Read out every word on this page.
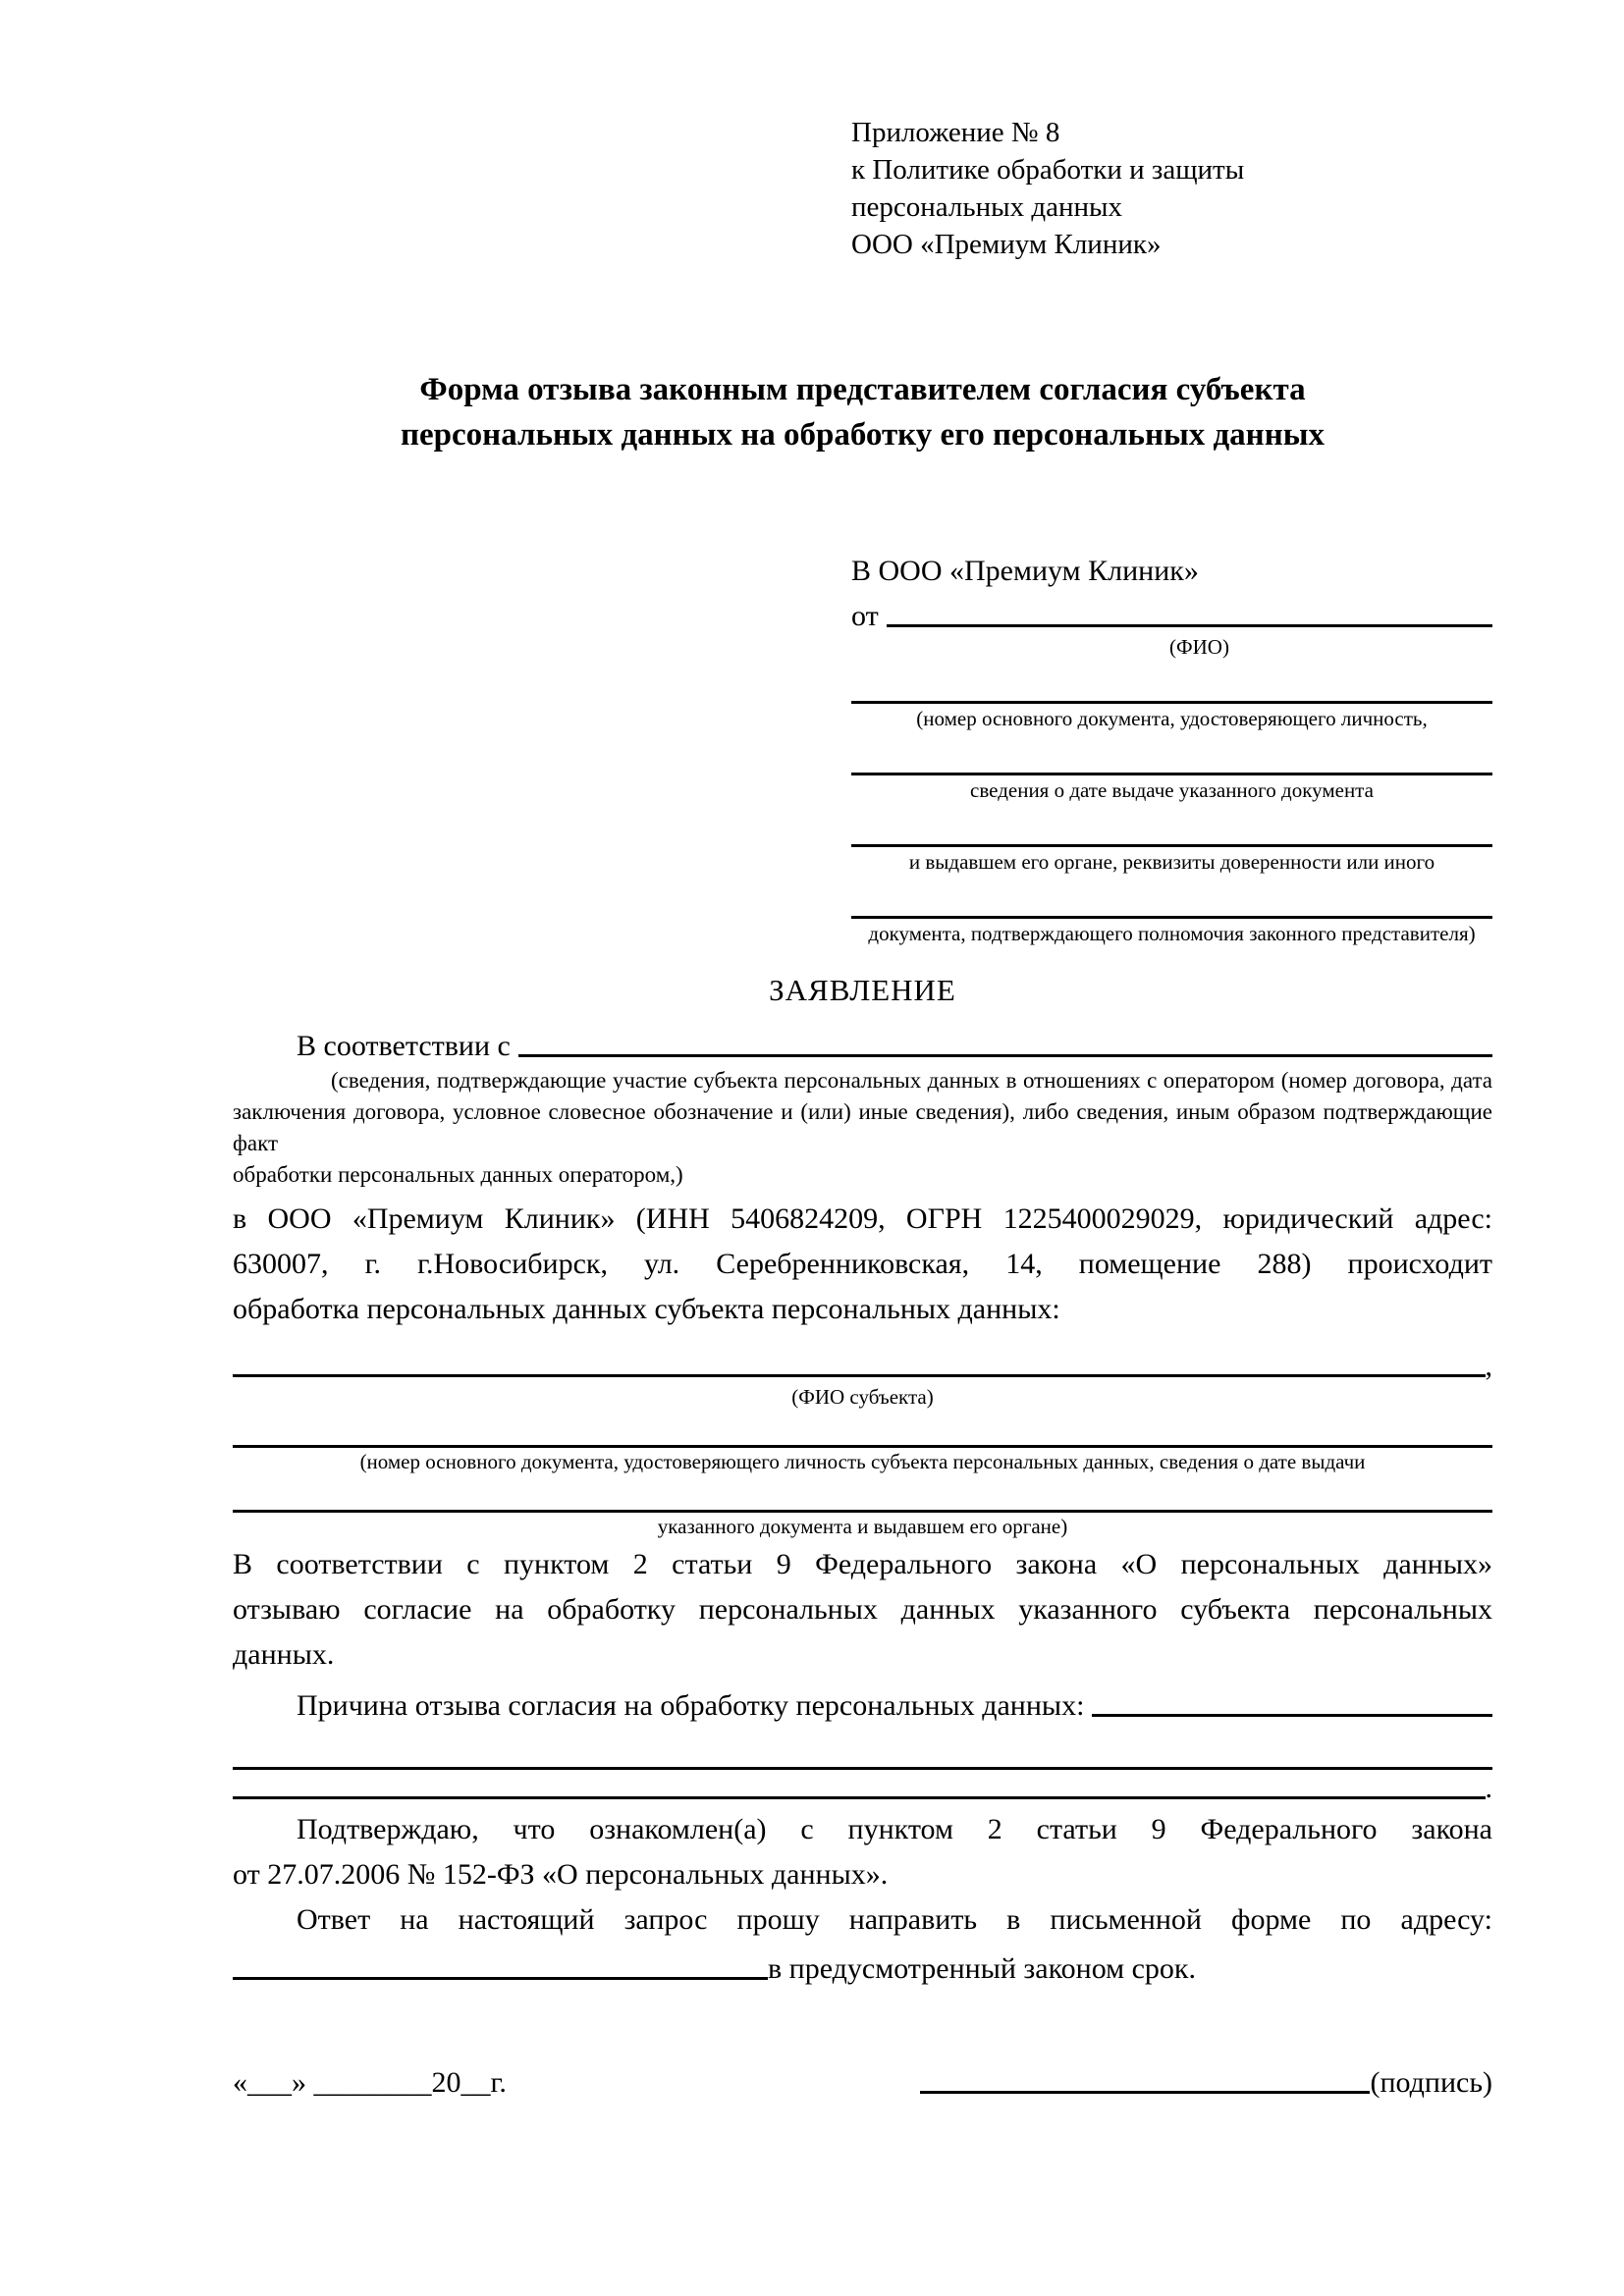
Приложение № 8
к Политике обработки и защиты
персональных данных
ООО «Премиум Клиник»
Форма отзыва законным представителем согласия субъекта
персональных данных на обработку его персональных данных
В ООО «Премиум Клиник»
от
(ФИО)
(номер основного документа, удостоверяющего личность,
сведения о дате выдаче указанного документа
и выдавшем его органе, реквизиты доверенности или иного
документа, подтверждающего полномочия законного представителя)
ЗАЯВЛЕНИЕ
В соответствии с
(сведения, подтверждающие участие субъекта персональных данных в отношениях с оператором (номер договора, дата
заключения договора, условное словесное обозначение и (или) иные сведения), либо сведения, иным образом подтверждающие факт
обработки персональных данных оператором,)
в ООО «Премиум Клиник» (ИНН 5406824209, ОГРН 1225400029029, юридический адрес:
630007, г. г.Новосибирск, ул. Серебренниковская, 14, помещение 288) происходит
обработка персональных данных субъекта персональных данных:
,
(ФИО субъекта)
(номер основного документа, удостоверяющего личность субъекта персональных данных, сведения о дате выдачи
указанного документа и выдавшем его органе)
В соответствии с пунктом 2 статьи 9 Федерального закона «О персональных данных»
отзываю согласие на обработку персональных данных указанного субъекта персональных
данных.
Причина отзыва согласия на обработку персональных данных:
.
Подтверждаю, что ознакомлен(а) с пунктом 2 статьи 9 Федерального закона
от 27.07.2006 № 152-ФЗ «О персональных данных».
Ответ на настоящий запрос прошу направить в письменной форме по адресу:
в предусмотренный законом срок.
«___» ________20__г.	(подпись)
